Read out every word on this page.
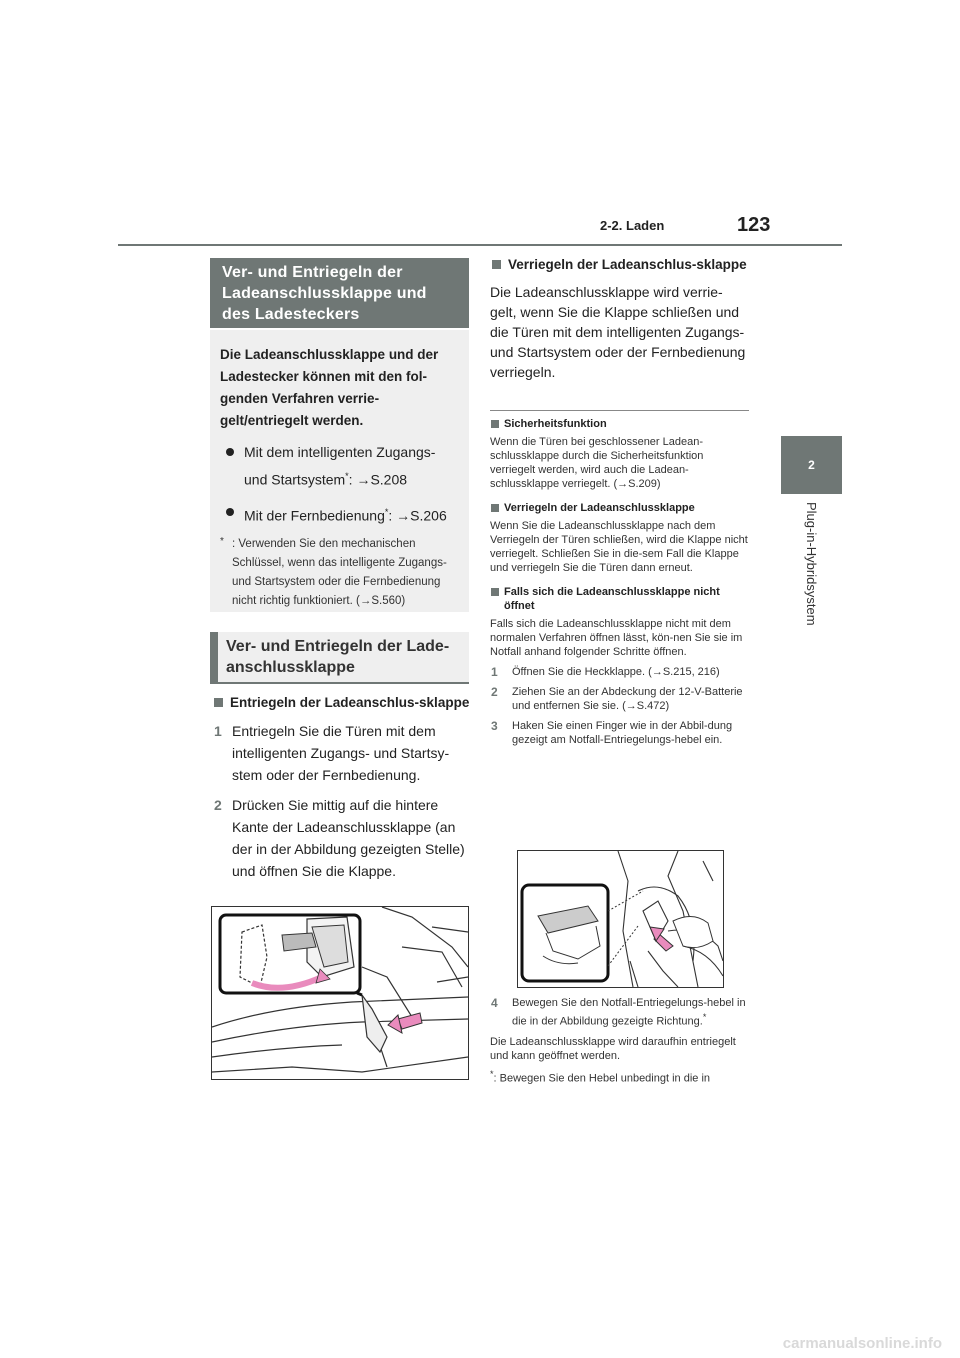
2-2. Laden	123
2
Plug-in-Hybridsystem
Ver- und Entriegeln der Ladeanschlussklappe und des Ladesteckers
Die Ladeanschlussklappe und der Ladestecker können mit den fol-genden Verfahren verrie-gelt/entriegelt werden.
Mit dem intelligenten Zugangs- und Startsystem*: →S.208
Mit der Fernbedienung*: →S.206
* : Verwenden Sie den mechanischen Schlüssel, wenn das intelligente Zugangs- und Startsystem oder die Fernbedienung nicht richtig funktioniert. (→S.560)
Ver- und Entriegeln der Lade-anschlussklappe
Entriegeln der Ladeanschlus-sklappe
1 Entriegeln Sie die Türen mit dem intelligenten Zugangs- und Startsy-stem oder der Fernbedienung.
2 Drücken Sie mittig auf die hintere Kante der Ladeanschlussklappe (an der in der Abbildung gezeigten Stelle) und öffnen Sie die Klappe.
Verriegeln der Ladeanschlus-sklappe
Die Ladeanschlussklappe wird verrie-gelt, wenn Sie die Klappe schließen und die Türen mit dem intelligenten Zugangs- und Startsystem oder der Fernbedienung verriegeln.
Sicherheitsfunktion
Wenn die Türen bei geschlossener Ladean-schlussklappe durch die Sicherheitsfunktion verriegelt werden, wird auch die Ladean-schlussklappe verriegelt. (→S.209)
Verriegeln der Ladeanschlussklappe
Wenn Sie die Ladeanschlussklappe nach dem Verriegeln der Türen schließen, wird die Klappe nicht verriegelt. Schließen Sie in die-sem Fall die Klappe und verriegeln Sie die Türen dann erneut.
Falls sich die Ladeanschlussklappe nicht öffnet
Falls sich die Ladeanschlussklappe nicht mit dem normalen Verfahren öffnen lässt, kön-nen Sie sie im Notfall anhand folgender Schritte öffnen.
1 Öffnen Sie die Heckklappe. (→S.215, 216)
2 Ziehen Sie an der Abdeckung der 12-V-Batterie und entfernen Sie sie. (→S.472)
3 Haken Sie einen Finger wie in der Abbil-dung gezeigt am Notfall-Entriegelungs-hebel ein.
4 Bewegen Sie den Notfall-Entriegelungs-hebel in die in der Abbildung gezeigte Richtung.*
Die Ladeanschlussklappe wird daraufhin entriegelt und kann geöffnet werden.
*: Bewegen Sie den Hebel unbedingt in die in
carmanualsonline.info
